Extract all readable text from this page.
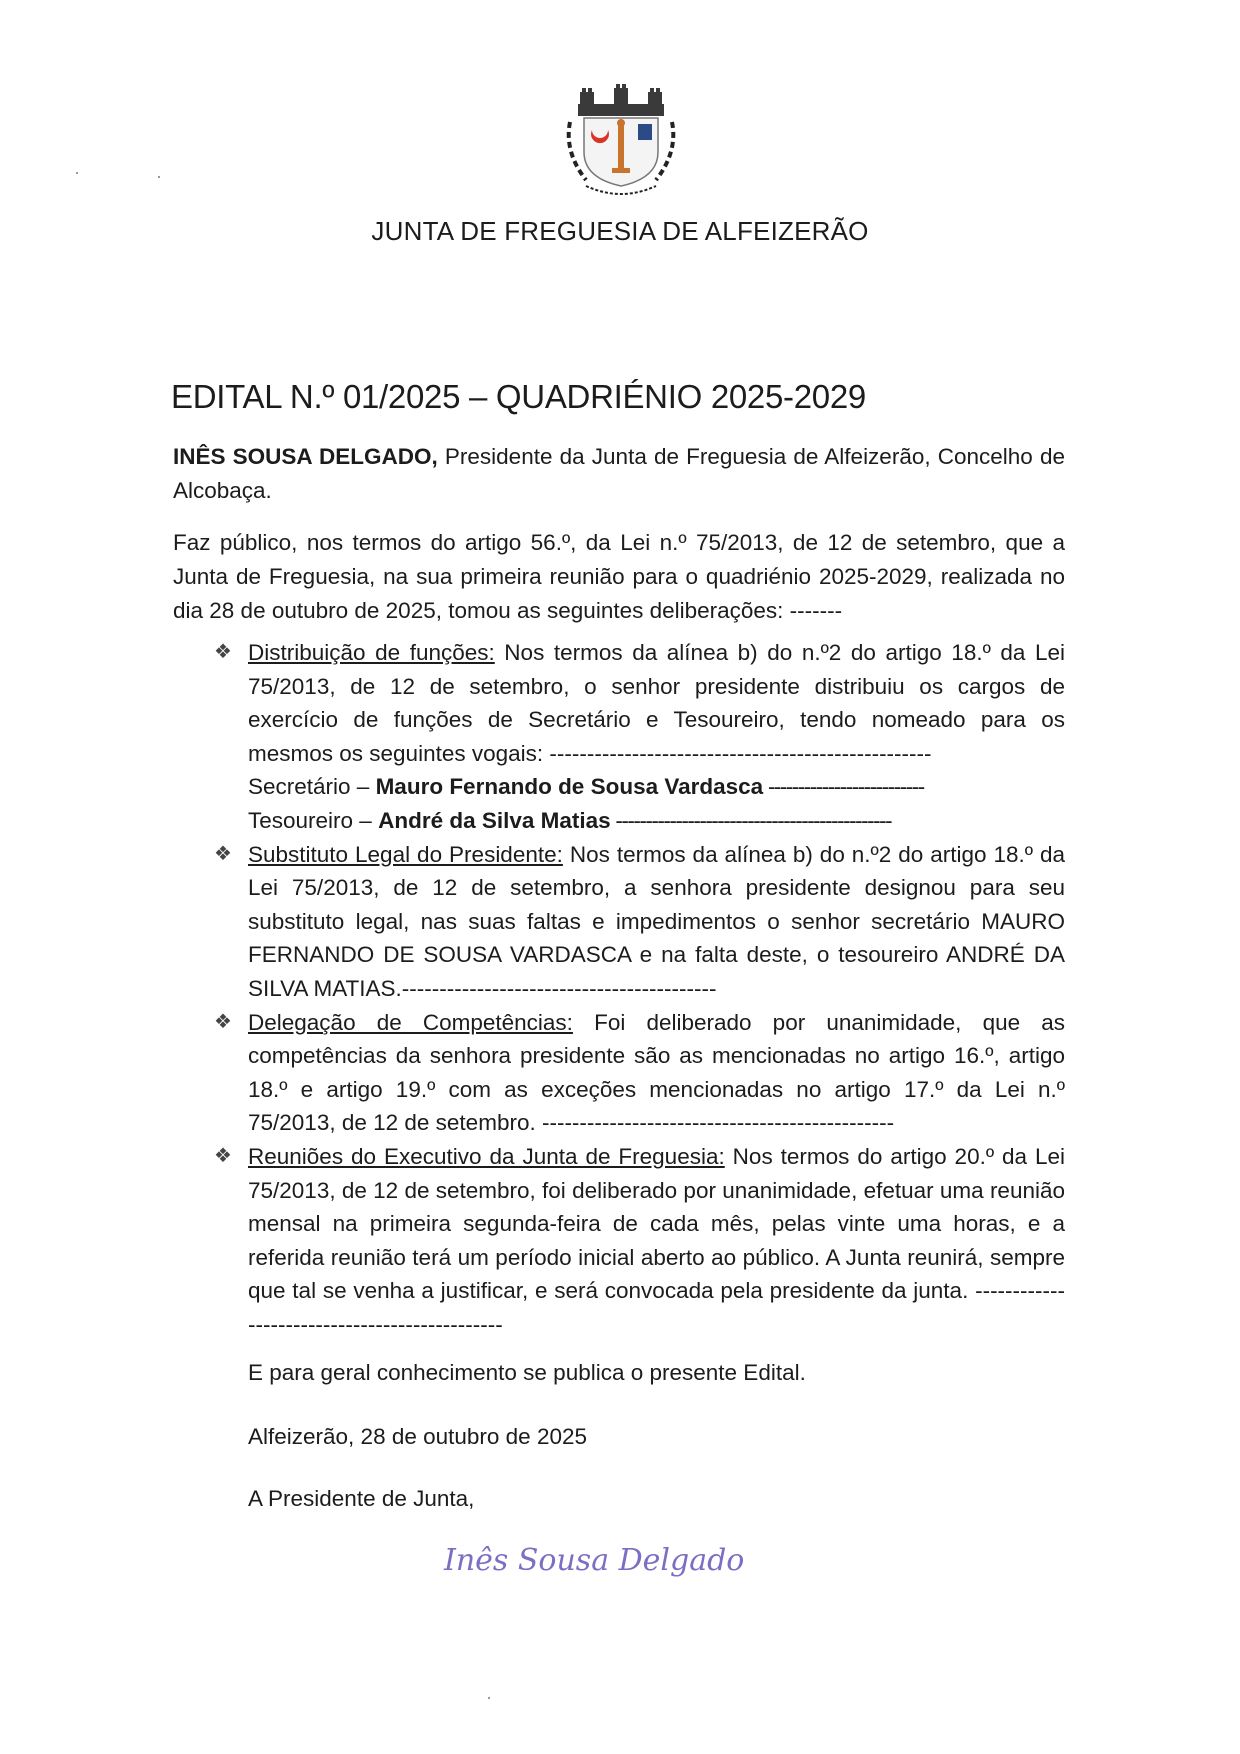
JUNTA DE FREGUESIA DE ALFEIZERÃO
EDITAL N.º 01/2025 – QUADRIÉNIO 2025-2029
INÊS SOUSA DELGADO, Presidente da Junta de Freguesia de Alfeizerão, Concelho de Alcobaça.
Faz público, nos termos do artigo 56.º, da Lei n.º 75/2013, de 12 de setembro, que a Junta de Freguesia, na sua primeira reunião para o quadriénio 2025-2029, realizada no dia 28 de outubro de 2025, tomou as seguintes deliberações: -------
❖ Distribuição de funções: Nos termos da alínea b) do n.º2 do artigo 18.º da Lei 75/2013, de 12 de setembro, o senhor presidente distribuiu os cargos de exercício de funções de Secretário e Tesoureiro, tendo nomeado para os mesmos os seguintes vogais: ---------------------------------------------------
Secretário – Mauro Fernando de Sousa Vardasca --------------------------
Tesoureiro – André da Silva Matias ----------------------------------------------
❖ Substituto Legal do Presidente: Nos termos da alínea b) do n.º2 do artigo 18.º da Lei 75/2013, de 12 de setembro, a senhora presidente designou para seu substituto legal, nas suas faltas e impedimentos o senhor secretário MAURO FERNANDO DE SOUSA VARDASCA e na falta deste, o tesoureiro ANDRÉ DA SILVA MATIAS.------------------------------------------
❖ Delegação de Competências: Foi deliberado por unanimidade, que as competências da senhora presidente são as mencionadas no artigo 16.º, artigo 18.º e artigo 19.º com as exceções mencionadas no artigo 17.º da Lei n.º 75/2013, de 12 de setembro. -----------------------------------------------
❖ Reuniões do Executivo da Junta de Freguesia: Nos termos do artigo 20.º da Lei 75/2013, de 12 de setembro, foi deliberado por unanimidade, efetuar uma reunião mensal na primeira segunda-feira de cada mês, pelas vinte uma horas, e a referida reunião terá um período inicial aberto ao público. A Junta reunirá, sempre que tal se venha a justificar, e será convocada pela presidente da junta. ----------------------------------------------
E para geral conhecimento se publica o presente Edital.
Alfeizerão, 28 de outubro de 2025
A Presidente de Junta,
Inês Sousa Delgado
